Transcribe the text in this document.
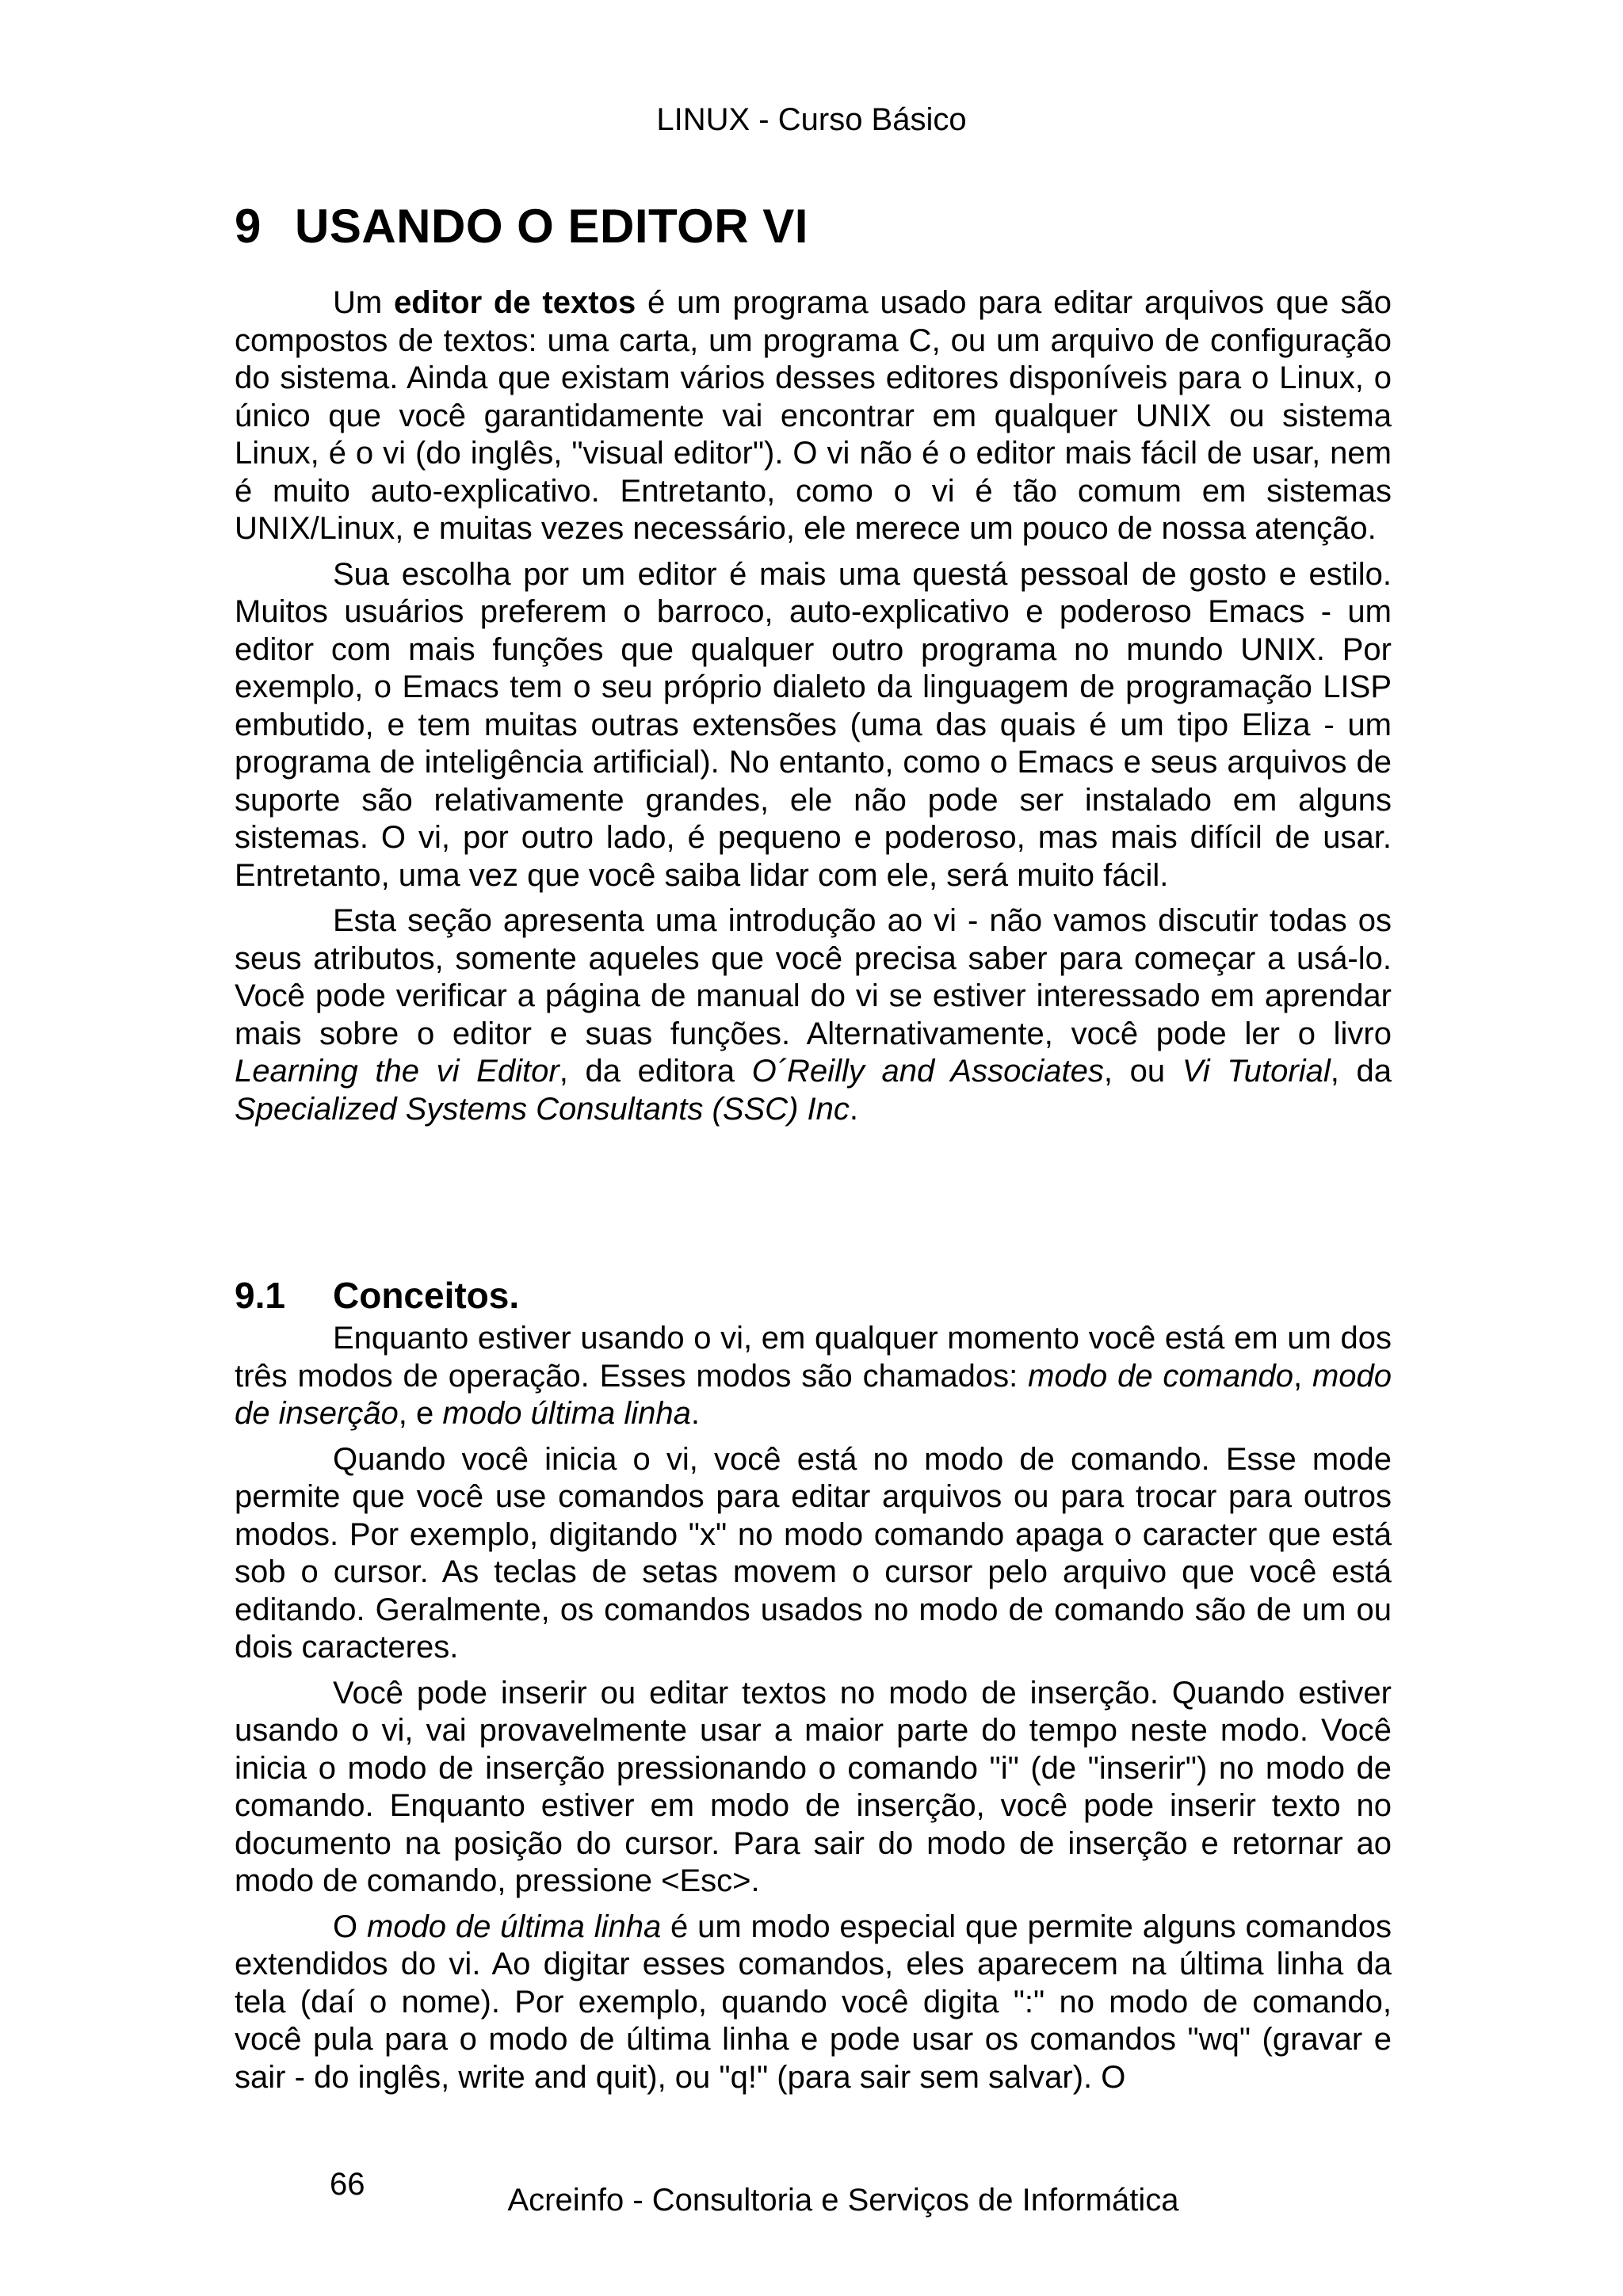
LINUX - Curso Básico
9 USANDO O EDITOR VI

Um editor de textos é um programa usado para editar arquivos que são compostos de textos: uma carta, um programa C, ou um arquivo de configuração do sistema. Ainda que existam vários desses editores disponíveis para o Linux, o único que você garantidamente vai encontrar em qualquer UNIX ou sistema Linux, é o vi (do inglês, "visual editor"). O vi não é o editor mais fácil de usar, nem é muito auto-explicativo. Entretanto, como o vi é tão comum em sistemas UNIX/Linux, e muitas vezes necessário, ele merece um pouco de nossa atenção.

Sua escolha por um editor é mais uma questá pessoal de gosto e estilo. Muitos usuários preferem o barroco, auto-explicativo e poderoso Emacs - um editor com mais funções que qualquer outro programa no mundo UNIX. Por exemplo, o Emacs tem o seu próprio dialeto da linguagem de programação LISP embutido, e tem muitas outras extensões (uma das quais é um tipo Eliza - um programa de inteligência artificial). No entanto, como o Emacs e seus arquivos de suporte são relativamente grandes, ele não pode ser instalado em alguns sistemas. O vi, por outro lado, é pequeno e poderoso, mas mais difícil de usar. Entretanto, uma vez que você saiba lidar com ele, será muito fácil.

Esta seção apresenta uma introdução ao vi - não vamos discutir todas os seus atributos, somente aqueles que você precisa saber para começar a usá-lo. Você pode verificar a página de manual do vi se estiver interessado em aprendar mais sobre o editor e suas funções. Alternativamente, você pode ler o livro Learning the vi Editor, da editora O´Reilly and Associates, ou Vi Tutorial, da Specialized Systems Consultants (SSC) Inc.

9.1 Conceitos.

Enquanto estiver usando o vi, em qualquer momento você está em um dos três modos de operação. Esses modos são chamados: modo de comando, modo de inserção, e modo última linha.

Quando você inicia o vi, você está no modo de comando. Esse mode permite que você use comandos para editar arquivos ou para trocar para outros modos. Por exemplo, digitando "x" no modo comando apaga o caracter que está sob o cursor. As teclas de setas movem o cursor pelo arquivo que você está editando. Geralmente, os comandos usados no modo de comando são de um ou dois caracteres.

Você pode inserir ou editar textos no modo de inserção. Quando estiver usando o vi, vai provavelmente usar a maior parte do tempo neste modo. Você inicia o modo de inserção pressionando o comando "i" (de "inserir") no modo de comando. Enquanto estiver em modo de inserção, você pode inserir texto no documento na posição do cursor. Para sair do modo de inserção e retornar ao modo de comando, pressione <Esc>.

O modo de última linha é um modo especial que permite alguns comandos extendidos do vi. Ao digitar esses comandos, eles aparecem na última linha da tela (daí o nome). Por exemplo, quando você digita ":" no modo de comando, você pula para o modo de última linha e pode usar os comandos "wq" (gravar e sair - do inglês, write and quit), ou "q!" (para sair sem salvar). O

66	Acreinfo - Consultoria e Serviços de Informática
